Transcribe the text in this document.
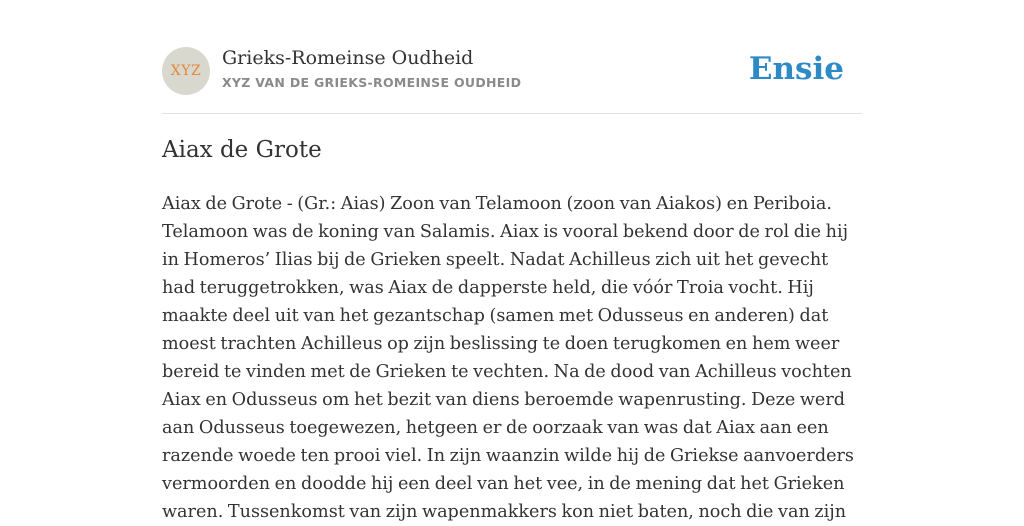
XYZ
Grieks-Romeinse Oudheid
XYZ VAN DE GRIEKS-ROMEINSE OUDHEID	Ensie
Aiax de Grote

Aiax de Grote - (Gr.: Aias) Zoon van Telamoon (zoon van Aiakos) en Periboia. Telamoon was de koning van Salamis. Aiax is vooral bekend door de rol die hij in Homeros’ Ilias bij de Grieken speelt. Nadat Achilleus zich uit het gevecht had teruggetrokken, was Aiax de dapperste held, die vóór Troia vocht. Hij maakte deel uit van het gezantschap (samen met Odusseus en anderen) dat moest trachten Achilleus op zijn beslissing te doen terugkomen en hem weer bereid te vinden met de Grieken te vechten. Na de dood van Achilleus vochten Aiax en Odusseus om het bezit van diens beroemde wapenrusting. Deze werd aan Odusseus toegewezen, hetgeen er de oorzaak van was dat Aiax aan een razende woede ten prooi viel. In zijn waanzin wilde hij de Griekse aanvoerders vermoorden en doodde hij een deel van het vee, in de mening dat het Grieken waren. Tussenkomst van zijn wapenmakkers kon niet baten, noch die van zijn
